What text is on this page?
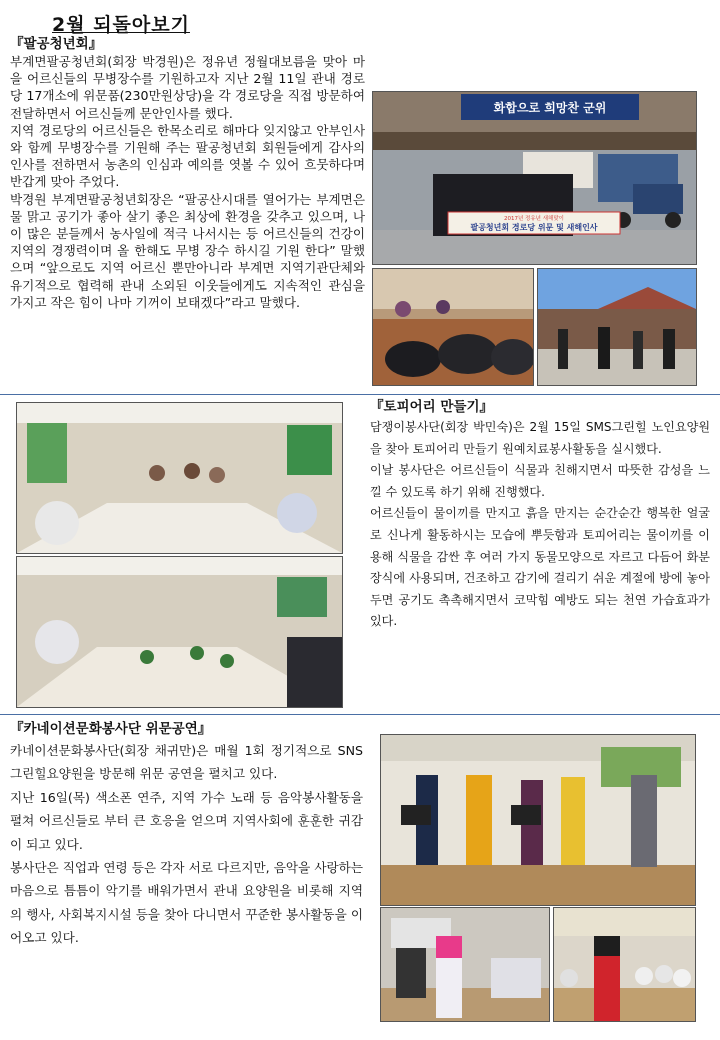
2월 되돌아보기
『팔공청년회』

부계면팔공청년회(회장 박경원)은 정유년 정월대보름을 맞아 마을 어르신들의 무병장수를 기원하고자 지난 2월 11일 관내 경로당 17개소에 위문품(230만원상당)을 각 경로당을 직접 방문하여 전달하면서 어르신들께 문안인사를 했다.

지역 경로당의 어르신들은 한목소리로 해마다 잊지않고 안부인사와 함께 무병장수를 기원해 주는 팔공청년회 회원들에게 감사의 인사를 전하면서 농촌의 인심과 예의를 엿볼 수 있어 흐뭇하다며 반갑게 맞아 주었다.

박경원 부계면팔공청년회장은 “팔공산시대를 열어가는 부계면은 물 맑고 공기가 좋아 살기 좋은 최상에 환경을 갖추고 있으며, 나이 많은 분들께서 농사일에 적극 나서시는 등 어르신들의 건강이 지역의 경쟁력이며 올 한해도 무병 장수 하시길 기원 한다” 말했으며 “앞으로도 지역 어르신 뿐만아니라 부계면 지역기관단체와 유기적으로 협력해 관내 소외된 이웃들에게도 지속적인 관심을 가지고 작은 힘이 나마 기꺼이 보태겠다”라고 말했다.

화합으로 희망찬 군위
2017년 정유년 새해맞이
팔공청년회 경로당 위문 및 새해인사
『토피어리 만들기』

담쟁이봉사단(회장 박민숙)은 2월 15일 SMS그린힐 노인요양원을 찾아 토피어리 만들기 원예치료봉사활동을 실시했다.

이날 봉사단은 어르신들이 식물과 친해지면서 따뜻한 감성을 느낄 수 있도록 하기 위해 진행했다.

어르신들이 물이끼를 만지고 흙을 만지는 순간순간 행복한 얼굴로 신나게 활동하시는 모습에 뿌듯함과 토피어리는 물이끼를 이용해 식물을 감싼 후 여러 가지 동물모양으로 자르고 다듬어 화분장식에 사용되며, 건조하고 감기에 걸리기 쉬운 계절에 방에 놓아 두면 공기도 촉촉해지면서 코막힘 예방도 되는 천연 가습효과가 있다.

『카네이션문화봉사단 위문공연』

카네이션문화봉사단(회장 채귀만)은 매월 1회 정기적으로 SNS그린힐요양원을 방문해 위문 공연을 펼치고 있다.

지난 16일(목) 색소폰 연주, 지역 가수 노래 등 음악봉사활동을 펼쳐 어르신들로 부터 큰 호응을 얻으며 지역사회에 훈훈한 귀감이 되고 있다.

봉사단은 직업과 연령 등은 각자 서로 다르지만, 음악을 사랑하는 마음으로 틈틈이 악기를 배워가면서 관내 요양원을 비롯해 지역의 행사, 사회복지시설 등을 찾아 다니면서 꾸준한 봉사활동을 이어오고 있다.
